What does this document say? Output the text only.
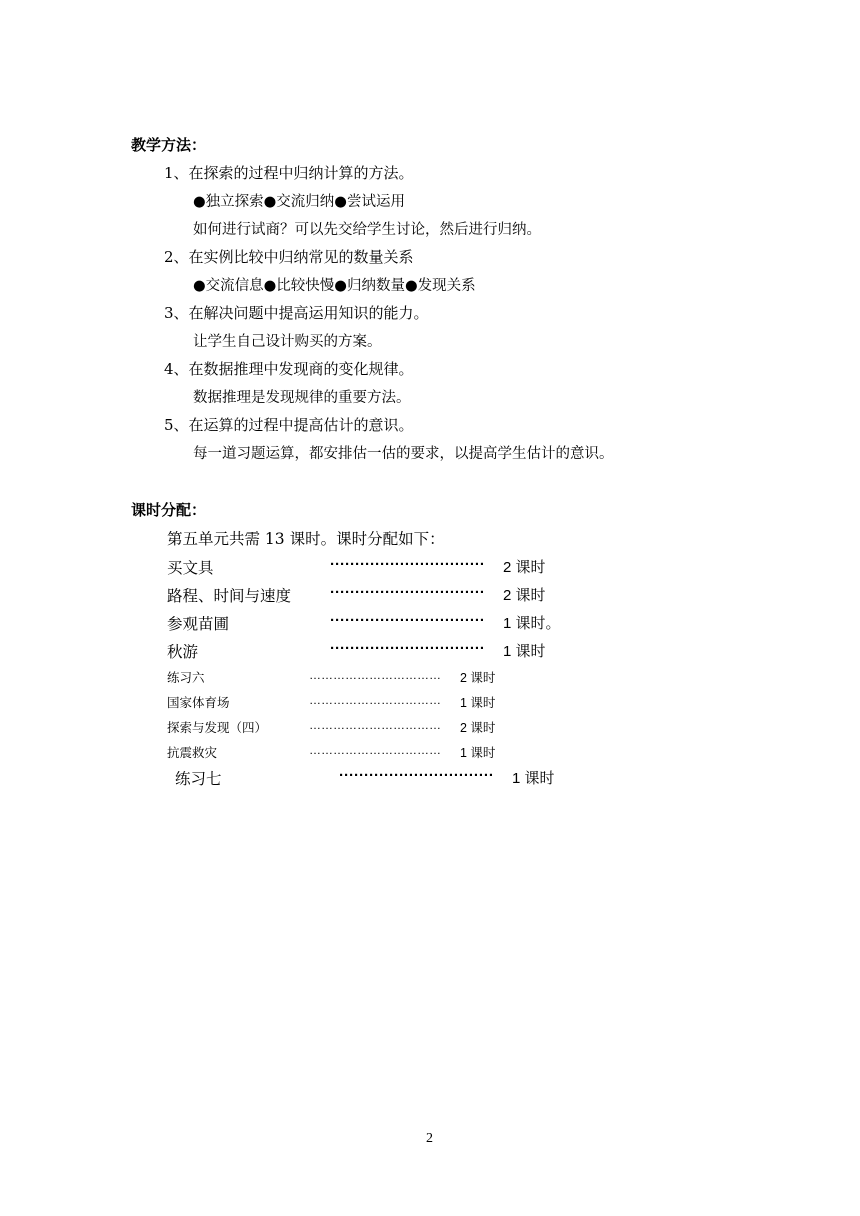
教学方法：
1、在探索的过程中归纳计算的方法。
●独立探索●交流归纳●尝试运用
如何进行试商？可以先交给学生讨论，然后进行归纳。
2、在实例比较中归纳常见的数量关系
●交流信息●比较快慢●归纳数量●发现关系
3、在解决问题中提高运用知识的能力。
让学生自己设计购买的方案。
4、在数据推理中发现商的变化规律。
数据推理是发现规律的重要方法。
5、在运算的过程中提高估计的意识。
每一道习题运算，都安排估一估的要求，以提高学生估计的意识。
课时分配：
第五单元共需 13 课时。课时分配如下：
买文具	······························· 2 课时
路程、时间与速度	······························· 2 课时
参观苗圃	······························· 1 课时。
秋游	······························· 1 课时
练习六	……………………………	2 课时
国家体育场	……………………………	1 课时
探索与发现（四）	……………………………	2 课时
抗震救灾	……………………………	1 课时
练习七	······························· 1 课时
2
